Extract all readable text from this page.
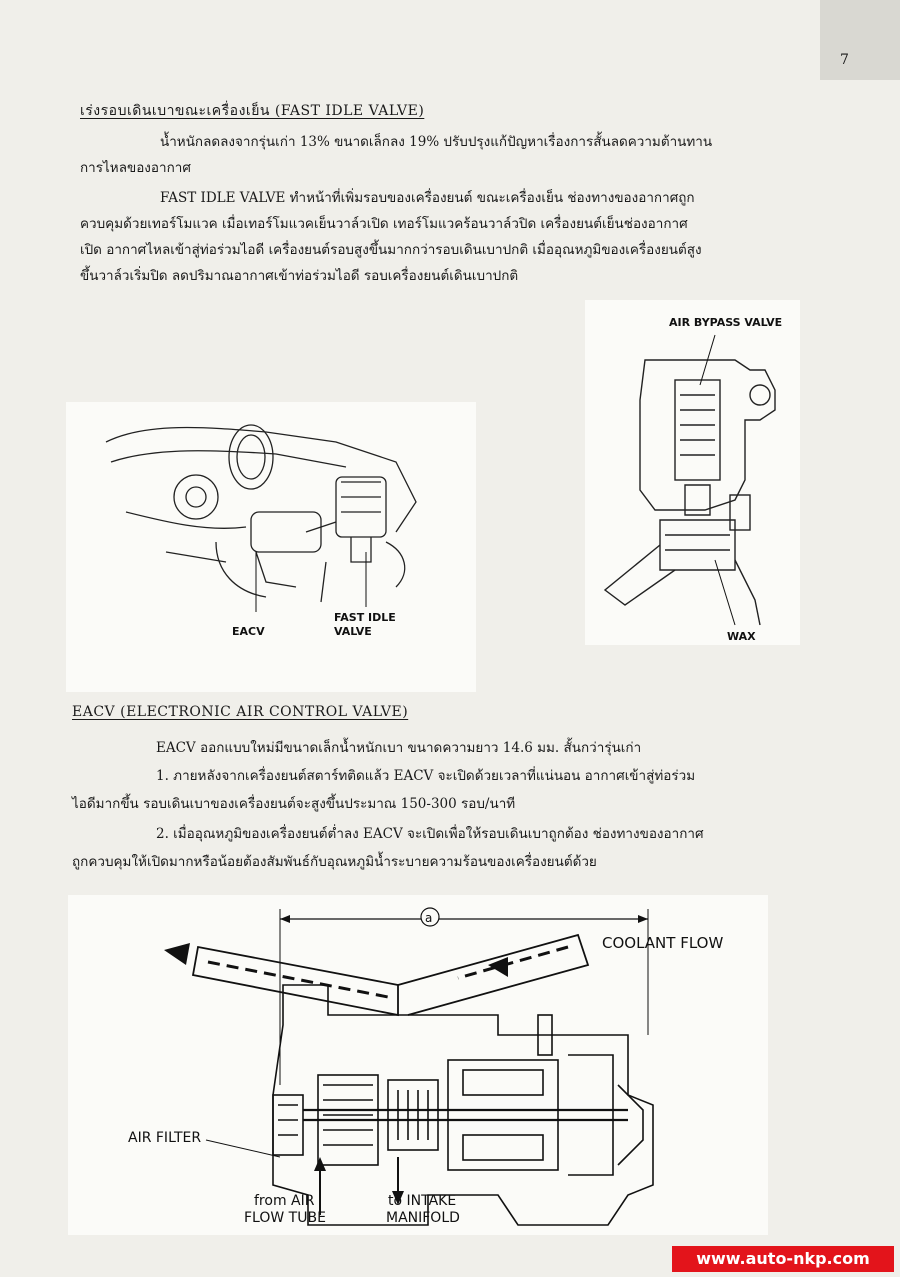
7
เร่งรอบเดินเบาขณะเครื่องเย็น (FAST IDLE VALVE)
น้ำหนักลดลงจากรุ่นเก่า 13% ขนาดเล็กลง 19% ปรับปรุงแก้ปัญหาเรื่องการสั้นลดความต้านทาน
การไหลของอากาศ
FAST IDLE VALVE ทำหน้าที่เพิ่มรอบของเครื่องยนต์ ขณะเครื่องเย็น ช่องทางของอากาศถูก
ควบคุมด้วยเทอร์โมแวค เมื่อเทอร์โมแวคเย็นวาล์วเปิด เทอร์โมแวคร้อนวาล์วปิด เครื่องยนต์เย็นช่องอากาศ
เปิด อากาศไหลเข้าสู่ท่อร่วมไอดี เครื่องยนต์รอบสูงขึ้นมากกว่ารอบเดินเบาปกติ เมื่ออุณหภูมิของเครื่องยนต์สูง
ขึ้นวาล์วเริ่มปิด ลดปริมาณอากาศเข้าท่อร่วมไอดี รอบเครื่องยนต์เดินเบาปกติ
EACV
FAST IDLE
VALVE
AIR BYPASS VALVE
WAX
EACV (ELECTRONIC AIR CONTROL VALVE)
EACV ออกแบบใหม่มีขนาดเล็กน้ำหนักเบา ขนาดความยาว 14.6 มม. สั้นกว่ารุ่นเก่า
1. ภายหลังจากเครื่องยนต์สตาร์ทติดแล้ว EACV จะเปิดด้วยเวลาที่แน่นอน อากาศเข้าสู่ท่อร่วม
ไอดีมากขึ้น รอบเดินเบาของเครื่องยนต์จะสูงขึ้นประมาณ 150-300 รอบ/นาที
2. เมื่ออุณหภูมิของเครื่องยนต์ต่ำลง EACV จะเปิดเพื่อให้รอบเดินเบาถูกต้อง ช่องทางของอากาศ
ถูกควบคุมให้เปิดมากหรือน้อยต้องสัมพันธ์กับอุณหภูมิน้ำระบายความร้อนของเครื่องยนต์ด้วย
a
COOLANT FLOW
AIR FILTER
from AIR
FLOW TUBE
to INTAKE
MANIFOLD
www.auto-nkp.com
